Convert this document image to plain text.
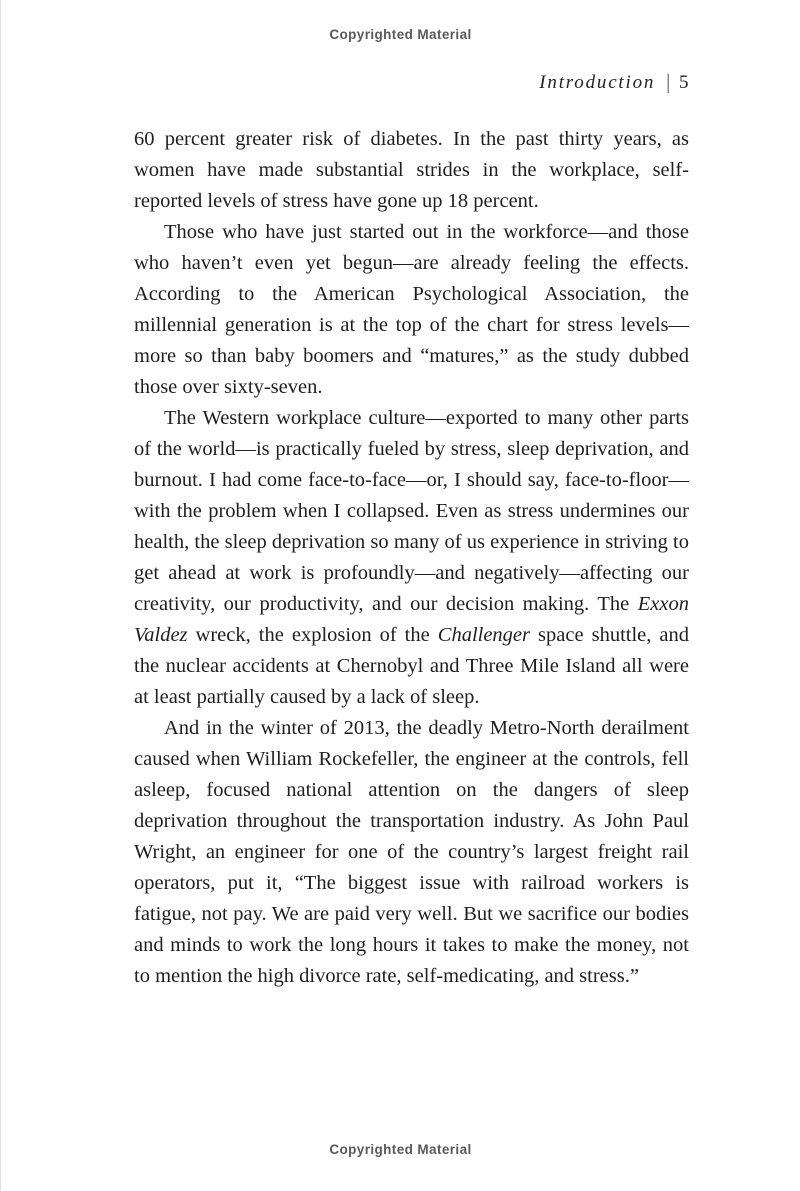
Copyrighted Material
Introduction | 5

60 percent greater risk of diabetes. In the past thirty years, as women have made substantial strides in the workplace, self-reported levels of stress have gone up 18 percent.

Those who have just started out in the workforce—and those who haven’t even yet begun—are already feeling the effects. According to the American Psychological Association, the millennial generation is at the top of the chart for stress levels—more so than baby boomers and “matures,” as the study dubbed those over sixty-seven.

The Western workplace culture—exported to many other parts of the world—is practically fueled by stress, sleep deprivation, and burnout. I had come face-to-face—or, I should say, face-to-floor—with the problem when I collapsed. Even as stress undermines our health, the sleep deprivation so many of us experience in striving to get ahead at work is profoundly—and negatively—affecting our creativity, our productivity, and our decision making. The Exxon Valdez wreck, the explosion of the Challenger space shuttle, and the nuclear accidents at Chernobyl and Three Mile Island all were at least partially caused by a lack of sleep.

And in the winter of 2013, the deadly Metro-North derailment caused when William Rockefeller, the engineer at the controls, fell asleep, focused national attention on the dangers of sleep deprivation throughout the transportation industry. As John Paul Wright, an engineer for one of the country’s largest freight rail operators, put it, “The biggest issue with railroad workers is fatigue, not pay. We are paid very well. But we sacrifice our bodies and minds to work the long hours it takes to make the money, not to mention the high divorce rate, self-medicating, and stress.”

Copyrighted Material
